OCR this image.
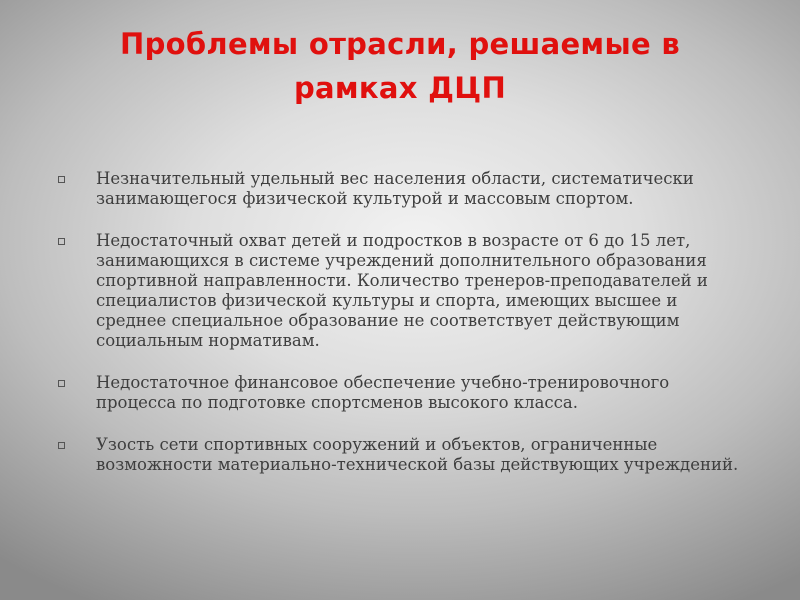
Проблемы отрасли, решаемые в
рамках ДЦП
Незначительный удельный вес населения области, систематически занимающегося физической культурой и массовым спортом.
Недостаточный охват детей и подростков в возрасте от 6 до 15 лет, занимающихся в системе учреждений дополнительного образования спортивной направленности. Количество тренеров-преподавателей и специалистов физической культуры и спорта, имеющих высшее и среднее специальное образование не соответствует действующим социальным нормативам.
Недостаточное финансовое обеспечение учебно-тренировочного процесса по подготовке спортсменов высокого класса.
Узость сети спортивных сооружений и объектов, ограниченные возможности материально-технической базы действующих учреждений.
